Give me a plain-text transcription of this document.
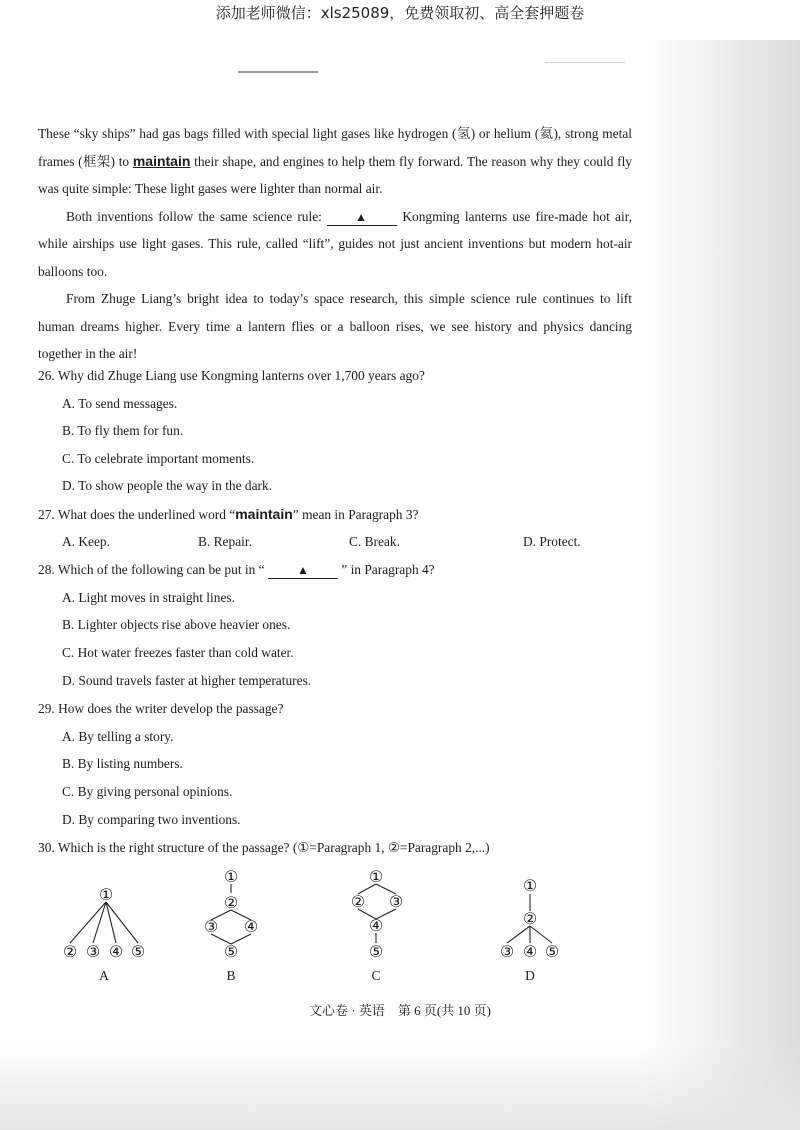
添加老师微信：xls25089，免费领取初、高全套押题卷

These “sky ships” had gas bags filled with special light gases like hydrogen (氢) or helium (氦), strong metal frames (框架) to maintain their shape, and engines to help them fly forward. The reason why they could fly was quite simple: These light gases were lighter than normal air.

Both inventions follow the same science rule: ▲ Kongming lanterns use fire-made hot air, while airships use light gases. This rule, called “lift”, guides not just ancient inventions but modern hot-air balloons too.

From Zhuge Liang’s bright idea to today’s space research, this simple science rule continues to lift human dreams higher. Every time a lantern flies or a balloon rises, we see history and physics dancing together in the air!

26. Why did Zhuge Liang use Kongming lanterns over 1,700 years ago?
A. To send messages.
B. To fly them for fun.
C. To celebrate important moments.
D. To show people the way in the dark.
27. What does the underlined word “maintain” mean in Paragraph 3?
A. Keep.	B. Repair.	C. Break.	D. Protect.
28. Which of the following can be put in “ ▲ ” in Paragraph 4?
A. Light moves in straight lines.
B. Lighter objects rise above heavier ones.
C. Hot water freezes faster than cold water.
D. Sound travels faster at higher temperatures.
29. How does the writer develop the passage?
A. By telling a story.
B. By listing numbers.
C. By giving personal opinions.
D. By comparing two inventions.
30. Which is the right structure of the passage? (①=Paragraph 1, ②=Paragraph 2,...)
①
② ③ ④ ⑤
①
②
③ ④
⑤
①
② ③
④
⑤
①
②
③ ④ ⑤
A	B	C	D
文心卷 · 英语　第 6 页(共 10 页)
